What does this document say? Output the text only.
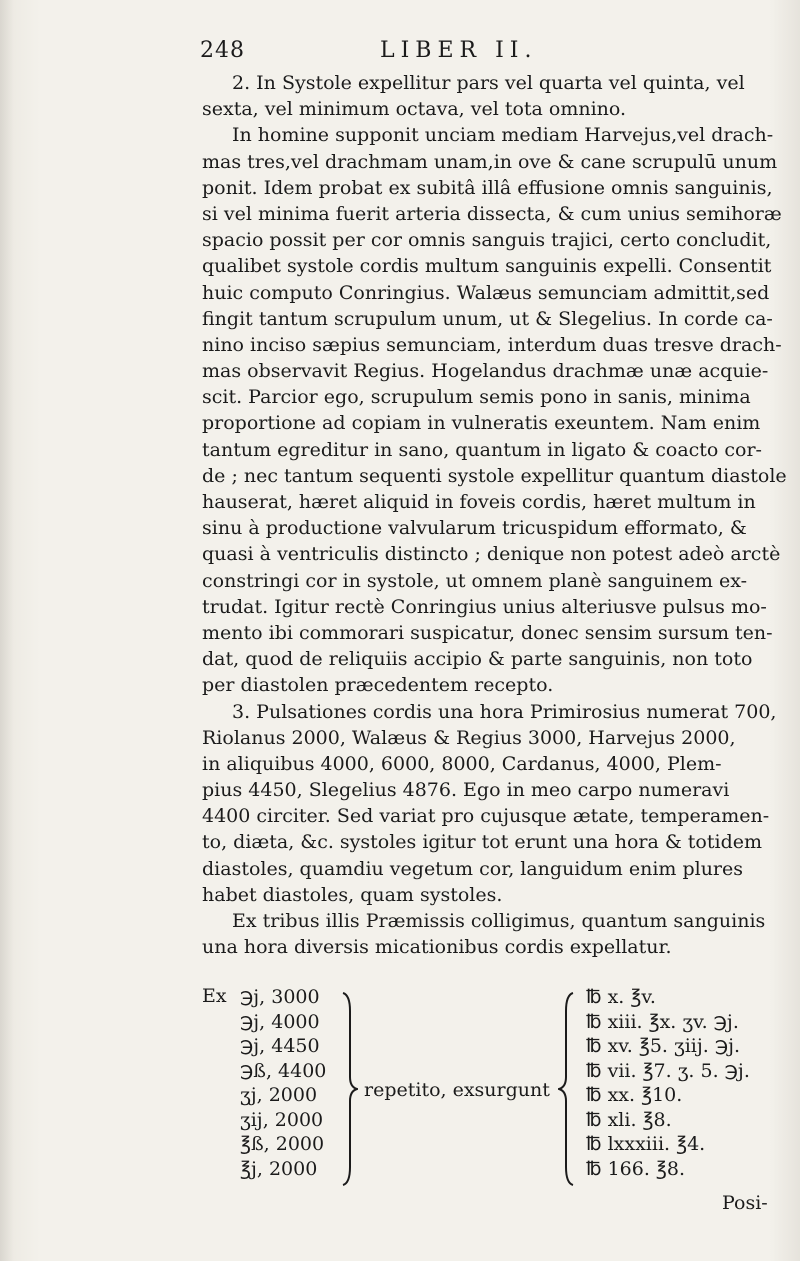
248	LIBER II.
2. In Systole expellitur pars vel quarta vel quinta, vel
sexta, vel minimum octava, vel tota omnino.
In homine supponit unciam mediam Harvejus,vel drach-
mas tres,vel drachmam unam,in ove & cane scrupulū unum
ponit. Idem probat ex subitâ illâ effusione omnis sanguinis,
si vel minima fuerit arteria dissecta, & cum unius semihoræ
spacio possit per cor omnis sanguis trajici, certo concludit,
qualibet systole cordis multum sanguinis expelli. Consentit
huic computo Conringius. Walæus semunciam admittit,sed
fingit tantum scrupulum unum, ut & Slegelius. In corde ca-
nino inciso sæpius semunciam, interdum duas tresve drach-
mas observavit Regius. Hogelandus drachmæ unæ acquie-
scit. Parcior ego, scrupulum semis pono in sanis, minima
proportione ad copiam in vulneratis exeuntem. Nam enim
tantum egreditur in sano, quantum in ligato & coacto cor-
de ; nec tantum sequenti systole expellitur quantum diastole
hauserat, hæret aliquid in foveis cordis, hæret multum in
sinu à productione valvularum tricuspidum efformato, &
quasi à ventriculis distincto ; denique non potest adeò arctè
constringi cor in systole, ut omnem planè sanguinem ex-
trudat. Igitur rectè Conringius unius alteriusve pulsus mo-
mento ibi commorari suspicatur, donec sensim sursum ten-
dat, quod de reliquiis accipio & parte sanguinis, non toto
per diastolen præcedentem recepto.
3. Pulsationes cordis una hora Primirosius numerat 700,
Riolanus 2000, Walæus & Regius 3000, Harvejus 2000,
in aliquibus 4000, 6000, 8000, Cardanus, 4000, Plem-
pius 4450, Slegelius 4876. Ego in meo carpo numeravi
4400 circiter. Sed variat pro cujusque ætate, temperamen-
to, diæta, &c. systoles igitur tot erunt una hora & totidem
diastoles, quamdiu vegetum cor, languidum enim plures
habet diastoles, quam systoles.
Ex tribus illis Præmissis colligimus, quantum sanguinis
una hora diversis micationibus cordis expellatur.
Ex ℈j, 3000
℈j, 4000
℈j, 4450
℈ß, 4400
ʒj, 2000
ʒij, 2000
℥ß, 2000
℥j, 2000
repetito, exsurgunt
℔ x. ℥v.
℔ xiii. ℥x. ʒv. ℈j.
℔ xv. ℥5. ʒiij. ℈j.
℔ vii. ℥7. ʒ. 5. ℈j.
℔ xx. ℥10.
℔ xli. ℥8.
℔ lxxxiii. ℥4.
℔ 166. ℥8.
Posi-
